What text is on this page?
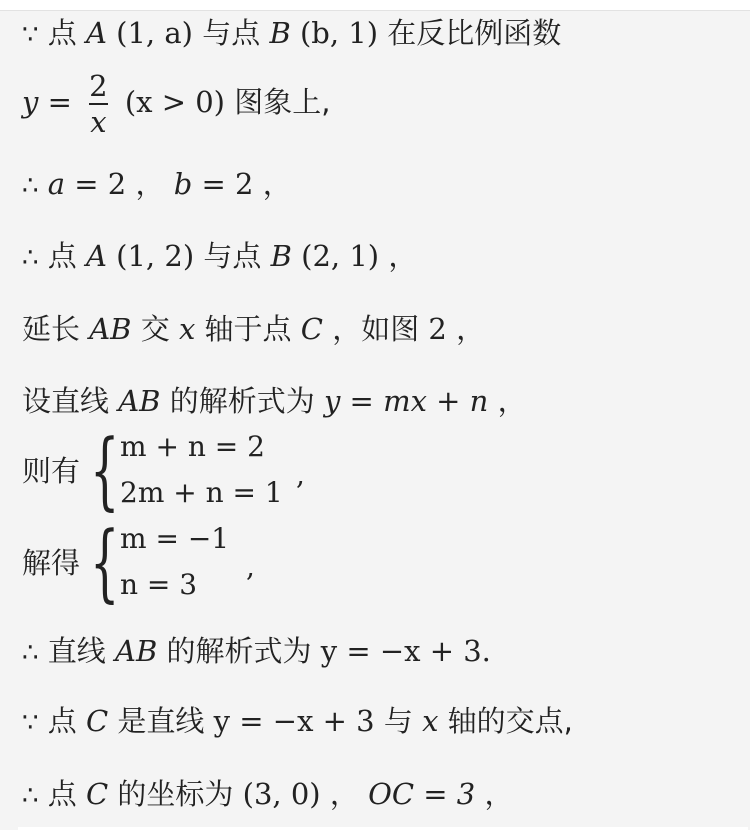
∵ 点 A (1, a) 与点 B (b, 1) 在反比例函数
$y = \frac{2}{x} (x > 0)$ 图象上,
∴ a = 2 ， b = 2 ，
∴ 点 A (1, 2) 与点 B (2, 1) ，
延长 AB 交 x 轴于点 C ，如图 2 ，
设直线 AB 的解析式为 y = mx + n ，
则有 { m + n = 2
2m + n = 1
,
解得 { m = −1
n = 3
,
∴ 直线 AB 的解析式为 y = −x + 3.
∵ 点 C 是直线 y = −x + 3 与 x 轴的交点,
∴ 点 C 的坐标为 (3, 0) ， OC = 3 ，
